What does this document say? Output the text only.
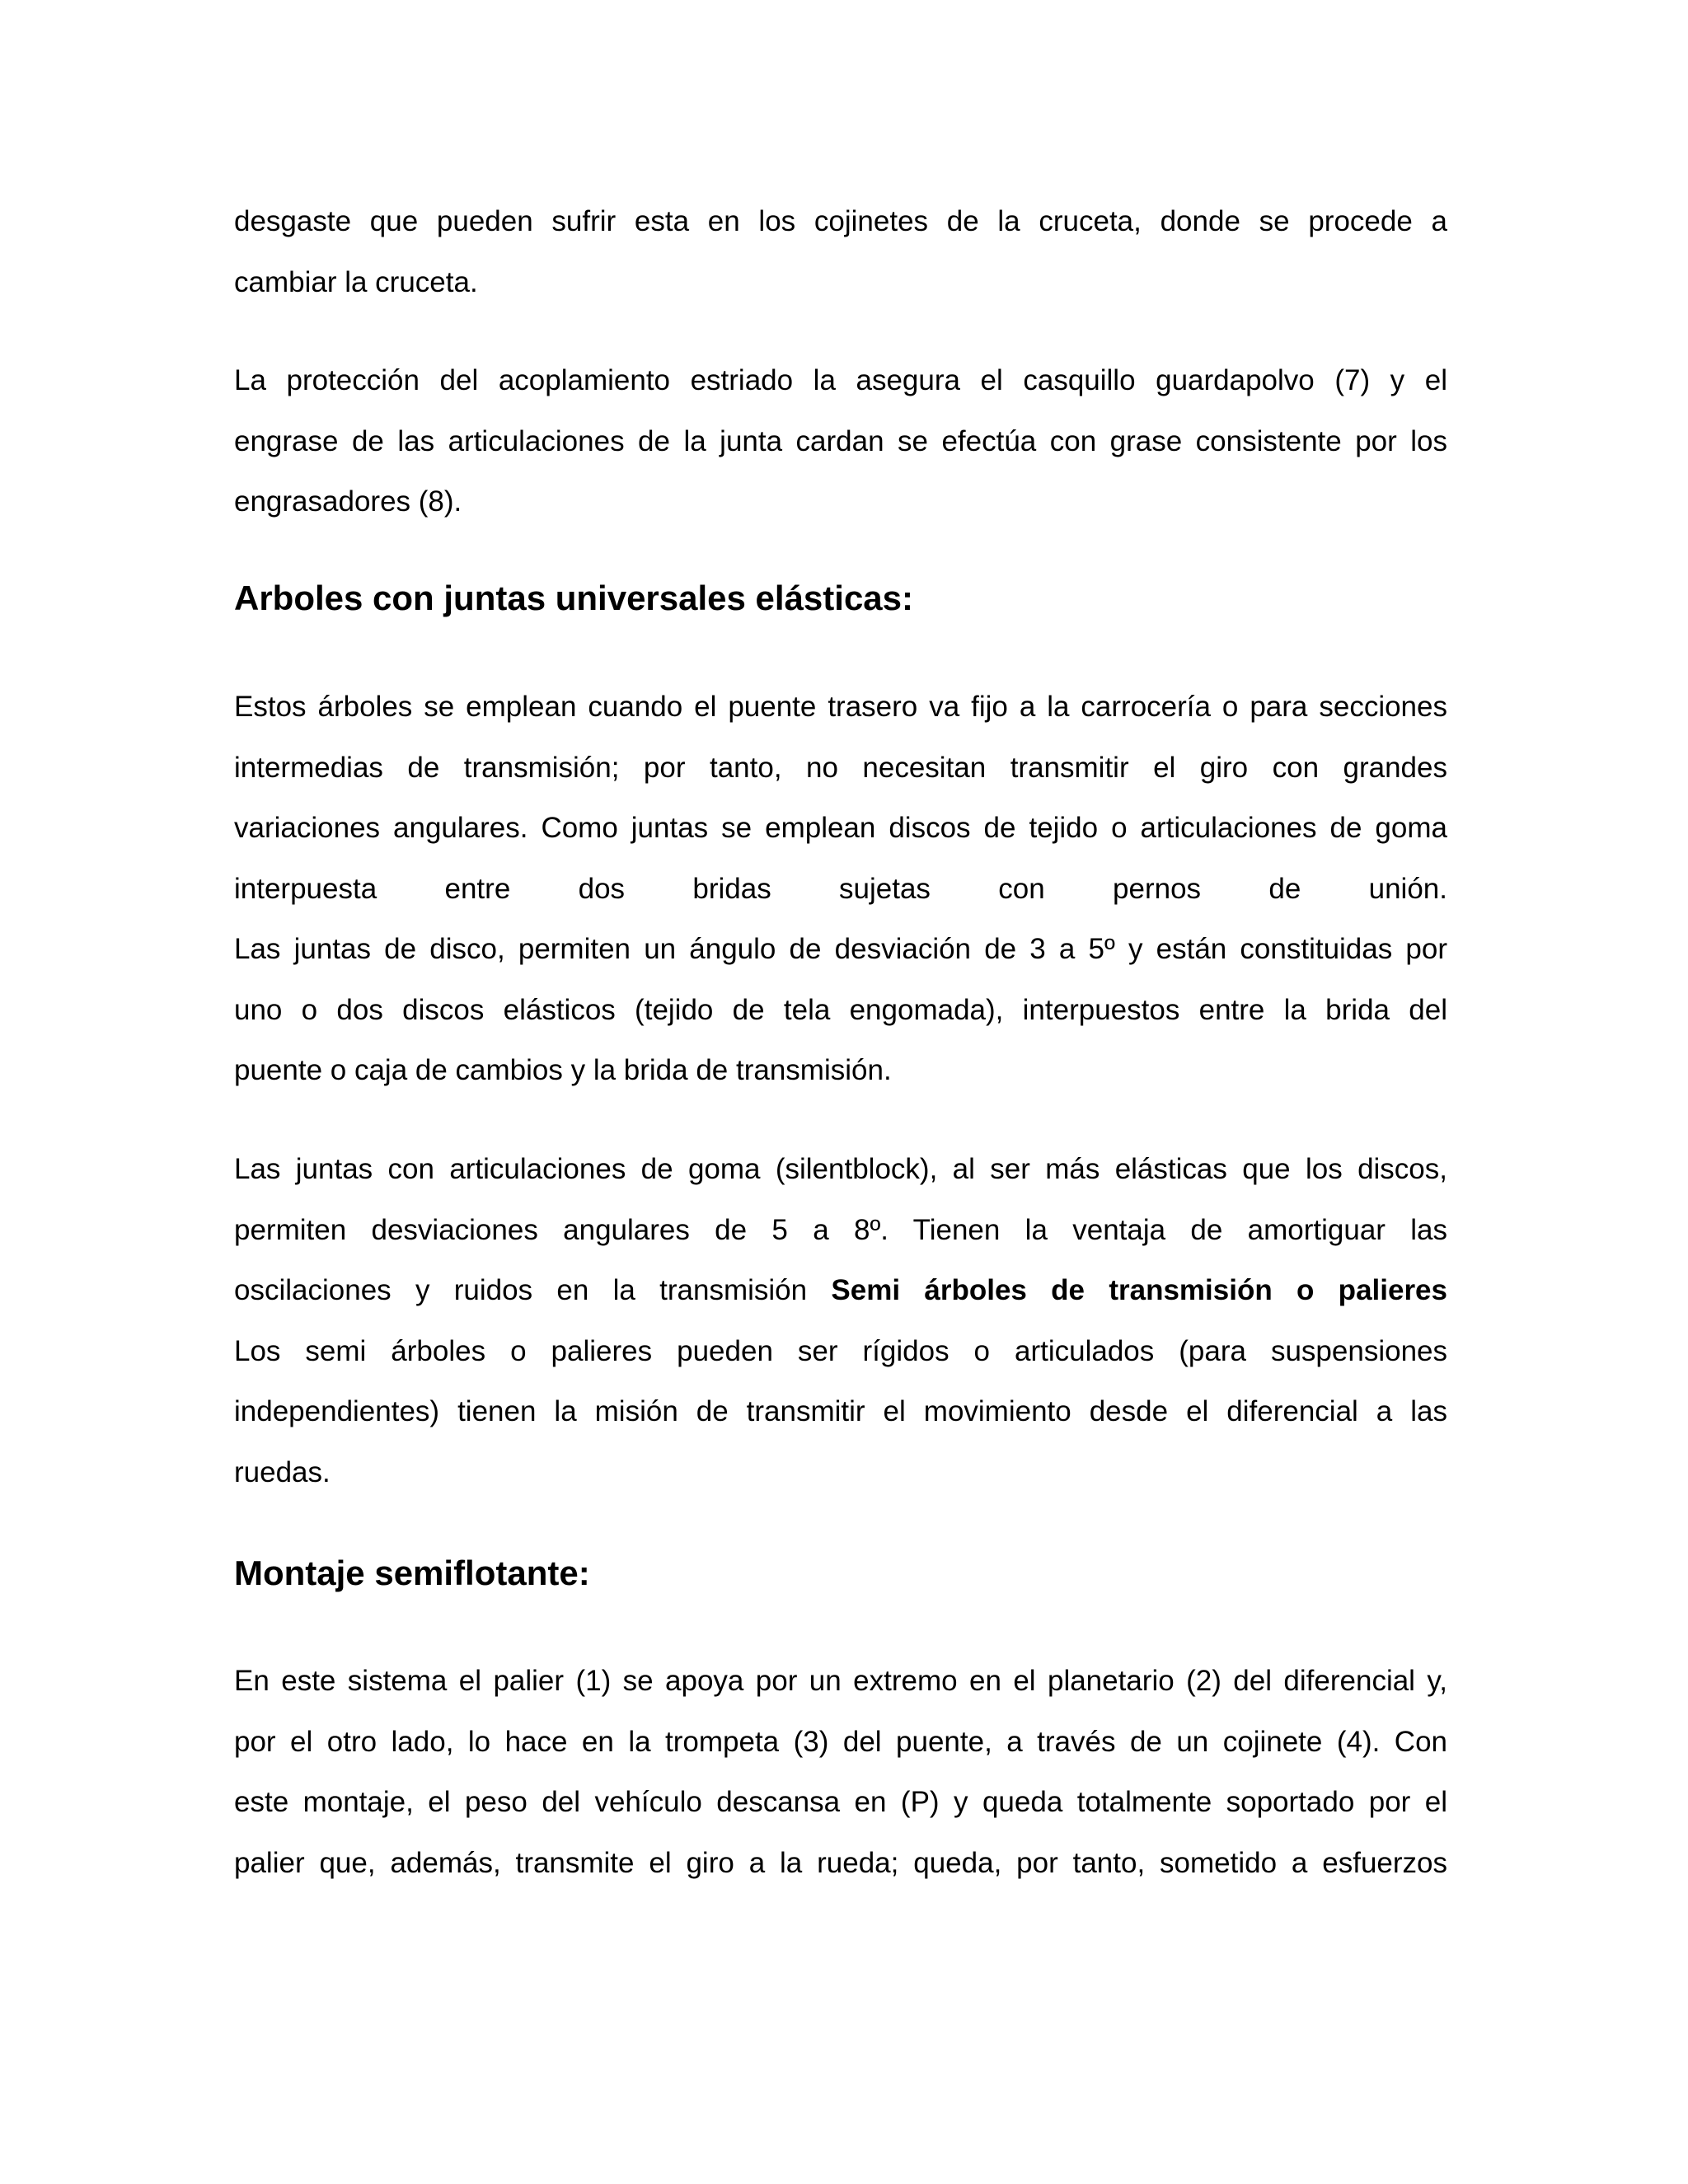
desgaste que pueden sufrir esta en los cojinetes de la cruceta, donde se procede a
cambiar la cruceta.
La protección del acoplamiento estriado la asegura el casquillo guardapolvo (7) y el
engrase de las articulaciones de la junta cardan se efectúa con grase consistente por los
engrasadores (8).
Arboles con juntas universales elásticas:
Estos árboles se emplean cuando el puente trasero va fijo a la carrocería o para secciones
intermedias de transmisión; por tanto, no necesitan transmitir el giro con grandes
variaciones angulares. Como juntas se emplean discos de tejido o articulaciones de goma
interpuesta entre dos bridas sujetas con pernos de unión.
Las juntas de disco, permiten un ángulo de desviación de 3 a 5º y están constituidas por
uno o dos discos elásticos (tejido de tela engomada), interpuestos entre la brida del
puente o caja de cambios y la brida de transmisión.
Las juntas con articulaciones de goma (silentblock), al ser más elásticas que los discos,
permiten desviaciones angulares de 5 a 8º. Tienen la ventaja de amortiguar las
oscilaciones y ruidos en la transmisión Semi árboles de transmisión o palieres
Los semi árboles o palieres pueden ser rígidos o articulados (para suspensiones
independientes) tienen la misión de transmitir el movimiento desde el diferencial a las
ruedas.
Montaje semiflotante:
En este sistema el palier (1) se apoya por un extremo en el planetario (2) del diferencial y,
por el otro lado, lo hace en la trompeta (3) del puente, a través de un cojinete (4). Con
este montaje, el peso del vehículo descansa en (P) y queda totalmente soportado por el
palier que, además, transmite el giro a la rueda; queda, por tanto, sometido a esfuerzos
